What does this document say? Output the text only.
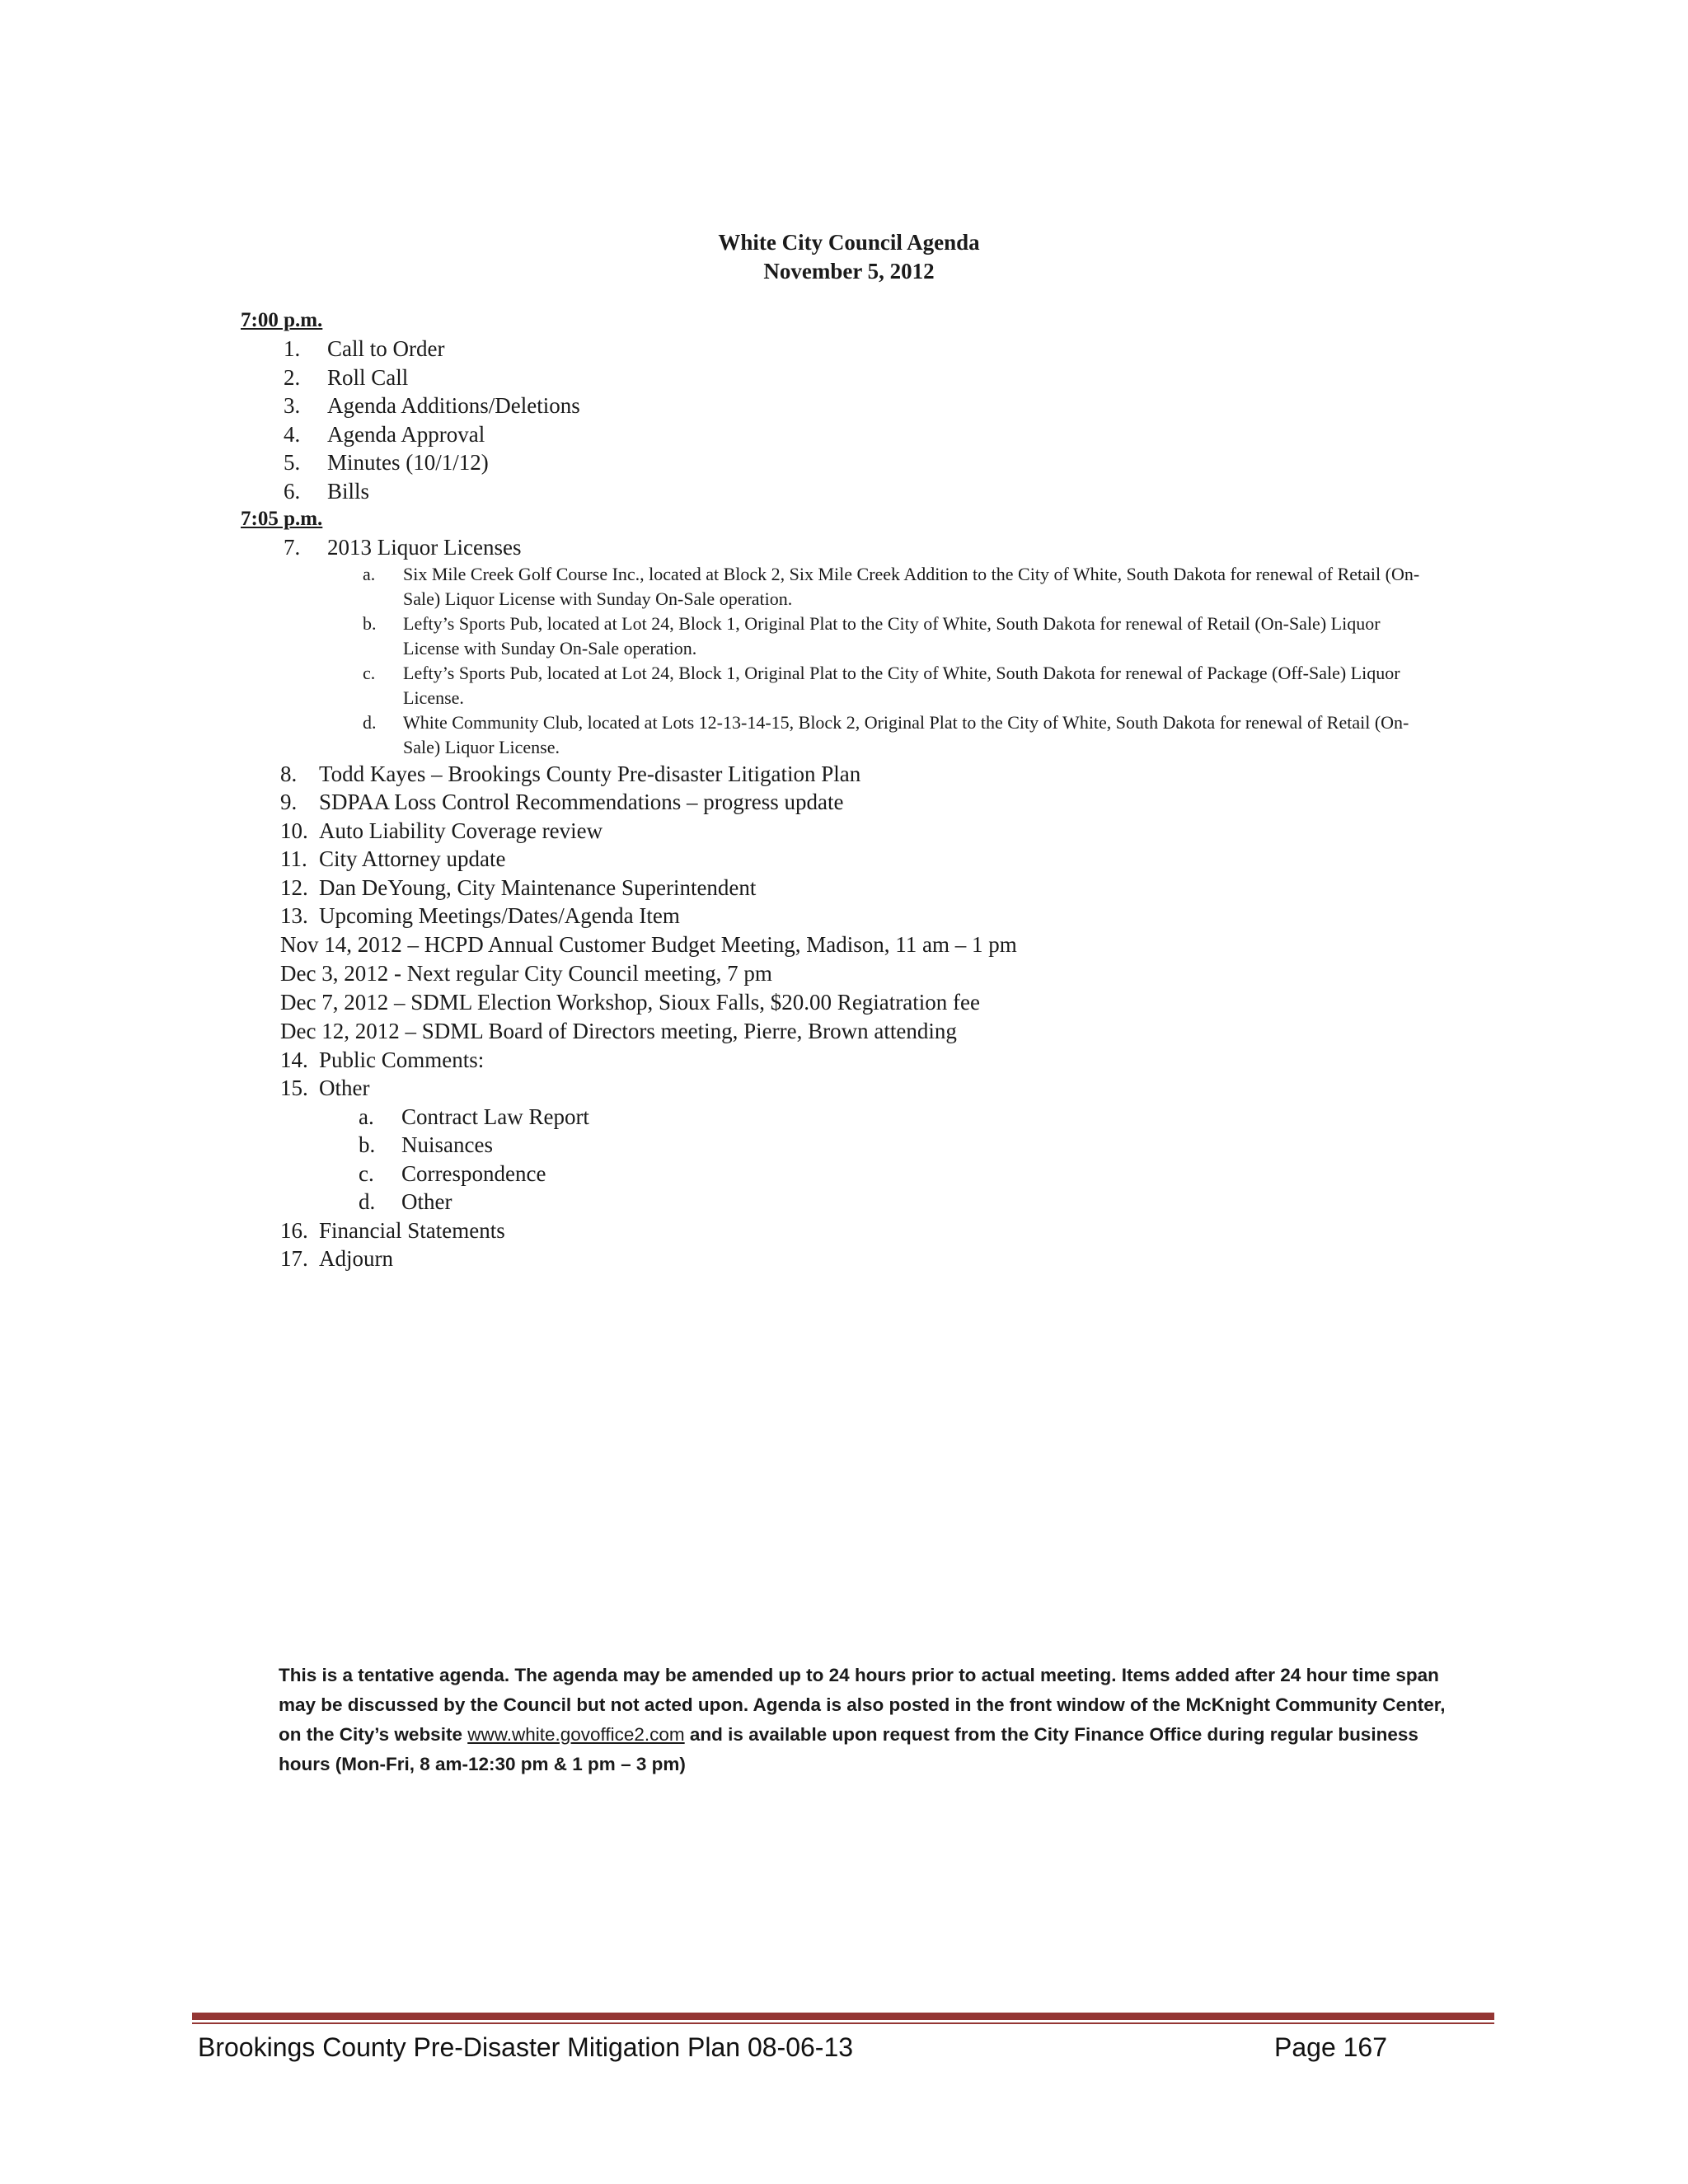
White City Council Agenda
November 5, 2012
7:00 p.m.
1. Call to Order
2. Roll Call
3. Agenda Additions/Deletions
4. Agenda Approval
5. Minutes (10/1/12)
6. Bills
7:05 p.m.
7. 2013 Liquor Licenses
a. Six Mile Creek Golf Course Inc., located at Block 2, Six Mile Creek Addition to the City of White, South Dakota for renewal of Retail (On-Sale) Liquor License with Sunday On-Sale operation.
b. Lefty’s Sports Pub, located at Lot 24, Block 1, Original Plat to the City of White, South Dakota for renewal of Retail (On-Sale) Liquor License with Sunday On-Sale operation.
c. Lefty’s Sports Pub, located at Lot 24, Block 1, Original Plat to the City of White, South Dakota for renewal of Package (Off-Sale) Liquor License.
d. White Community Club, located at Lots 12-13-14-15, Block 2, Original Plat to the City of White, South Dakota for renewal of Retail (On-Sale) Liquor License.
8. Todd Kayes – Brookings County Pre-disaster Litigation Plan
9. SDPAA Loss Control Recommendations – progress update
10. Auto Liability Coverage review
11. City Attorney update
12. Dan DeYoung, City Maintenance Superintendent
13. Upcoming Meetings/Dates/Agenda Item
Nov 14, 2012 – HCPD Annual Customer Budget Meeting, Madison, 11 am – 1 pm
Dec 3, 2012 - Next regular City Council meeting, 7 pm
Dec 7, 2012 – SDML Election Workshop, Sioux Falls, $20.00 Regiatration fee
Dec 12, 2012 – SDML Board of Directors meeting, Pierre, Brown attending
14. Public Comments:
15. Other
a. Contract Law Report
b. Nuisances
c. Correspondence
d. Other
16. Financial Statements
17. Adjourn
This is a tentative agenda. The agenda may be amended up to 24 hours prior to actual meeting. Items added after 24 hour time span may be discussed by the Council but not acted upon. Agenda is also posted in the front window of the McKnight Community Center, on the City’s website www.white.govoffice2.com and is available upon request from the City Finance Office during regular business hours (Mon-Fri, 8 am-12:30 pm & 1 pm – 3 pm)
Brookings County Pre-Disaster Mitigation Plan 08-06-13	Page 167
